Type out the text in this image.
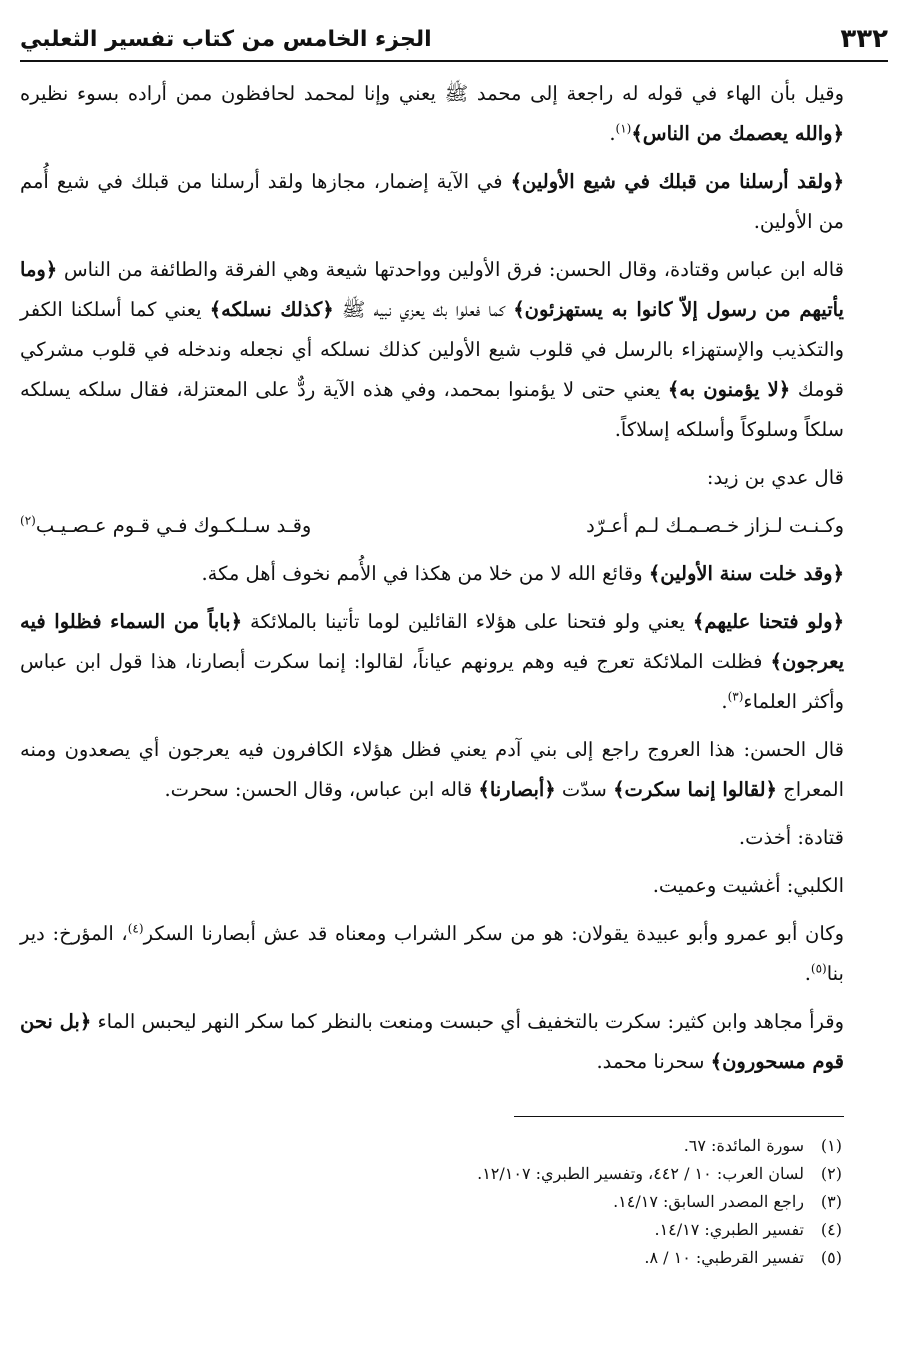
٣٣٢
الجزء الخامس من كتاب تفسير الثعلبي

وقيل بأن الهاء في قوله له راجعة إلى محمد ﷺ يعني وإنا لمحمد لحافظون ممن أراده بسوء نظيره ﴿والله يعصمك من الناس﴾$^{(١)}$.

﴿ولقد أرسلنا من قبلك في شيع الأولين﴾ في الآية إضمار، مجازها ولقد أرسلنا من قبلك في شيع أُمم من الأولين.

قاله ابن عباس وقتادة، وقال الحسن: فرق الأولين وواحدتها شيعة وهي الفرقة والطائفة من الناس ﴿وما يأتيهم من رسول إلاّ كانوا به يستهزئون﴾ كما فعلوا بك يعزي نبيه ﷺ ﴿كذلك نسلكه﴾ يعني كما أسلكنا الكفر والتكذيب والإستهزاء بالرسل في قلوب شيع الأولين كذلك نسلكه أي نجعله وندخله في قلوب مشركي قومك ﴿لا يؤمنون به﴾ يعني حتى لا يؤمنوا بمحمد، وفي هذه الآية ردٌّ على المعتزلة، فقال سلكه يسلكه سلكاً وسلوكاً وأسلكه إسلاكاً.

قال عدي بن زيد:

وكـنـت لـزاز خـصـمـك لـم أعـرّد
وقـد سـلـكـوك فـي قـوم عـصـيـب$^{(٢)}$

﴿وقد خلت سنة الأولين﴾ وقائع الله لا من خلا من هكذا في الأُمم نخوف أهل مكة.

﴿ولو فتحنا عليهم﴾ يعني ولو فتحنا على هؤلاء القائلين لوما تأتينا بالملائكة ﴿باباً من السماء فظلوا فيه يعرجون﴾ فظلت الملائكة تعرج فيه وهم يرونهم عياناً، لقالوا: إنما سكرت أبصارنا، هذا قول ابن عباس وأكثر العلماء$^{(٣)}$.

قال الحسن: هذا العروج راجع إلى بني آدم يعني فظل هؤلاء الكافرون فيه يعرجون أي يصعدون ومنه المعراج ﴿لقالوا إنما سكرت﴾ سدّت ﴿أبصارنا﴾ قاله ابن عباس، وقال الحسن: سحرت.

قتادة: أخذت.

الكلبي: أغشيت وعميت.

وكان أبو عمرو وأبو عبيدة يقولان: هو من سكر الشراب ومعناه قد عش أبصارنا السكر$^{(٤)}$، المؤرخ: دير بنا$^{(٥)}$.

وقرأ مجاهد وابن كثير: سكرت بالتخفيف أي حبست ومنعت بالنظر كما سكر النهر ليحبس الماء ﴿بل نحن قوم مسحورون﴾ سحرنا محمد.

(١)سورة المائدة: ٦٧.

(٢)لسان العرب: ١٠ / ٤٤٢، وتفسير الطبري: ١٢/١٠٧.

(٣)راجع المصدر السابق: ١٤/١٧.

(٤)تفسير الطبري: ١٤/١٧.

(٥)تفسير القرطبي: ١٠ / ٨.
